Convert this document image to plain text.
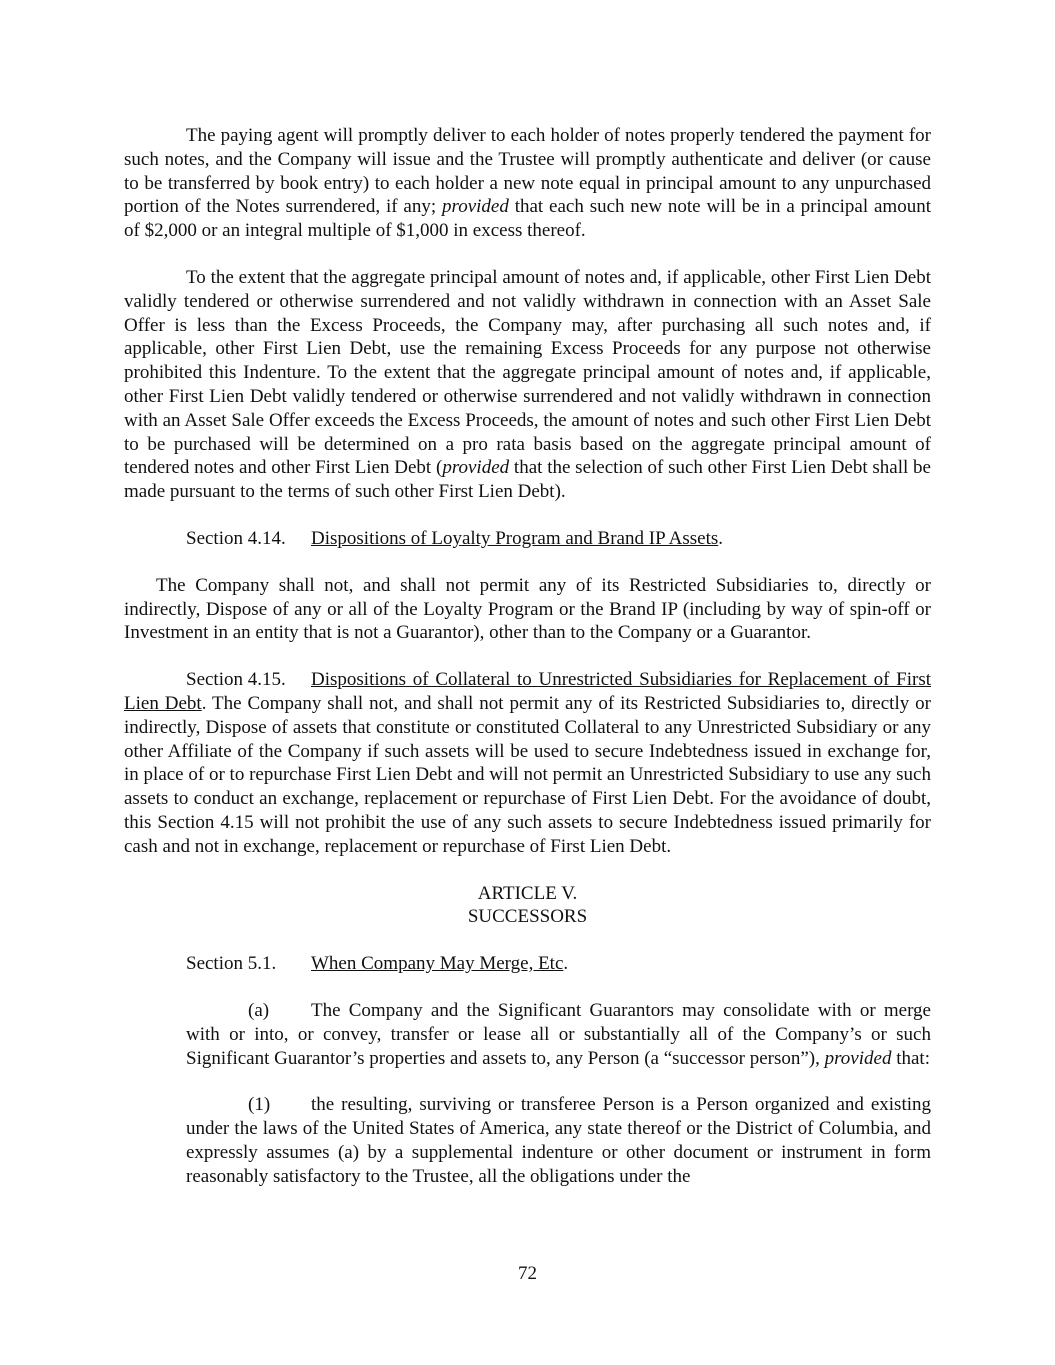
The paying agent will promptly deliver to each holder of notes properly tendered the payment for such notes, and the Company will issue and the Trustee will promptly authenticate and deliver (or cause to be transferred by book entry) to each holder a new note equal in principal amount to any unpurchased portion of the Notes surrendered, if any; provided that each such new note will be in a principal amount of $2,000 or an integral multiple of $1,000 in excess thereof.

To the extent that the aggregate principal amount of notes and, if applicable, other First Lien Debt validly tendered or otherwise surrendered and not validly withdrawn in connection with an Asset Sale Offer is less than the Excess Proceeds, the Company may, after purchasing all such notes and, if applicable, other First Lien Debt, use the remaining Excess Proceeds for any purpose not otherwise prohibited this Indenture. To the extent that the aggregate principal amount of notes and, if applicable, other First Lien Debt validly tendered or otherwise surrendered and not validly withdrawn in connection with an Asset Sale Offer exceeds the Excess Proceeds, the amount of notes and such other First Lien Debt to be purchased will be determined on a pro rata basis based on the aggregate principal amount of tendered notes and other First Lien Debt (provided that the selection of such other First Lien Debt shall be made pursuant to the terms of such other First Lien Debt).

Section 4.14. Dispositions of Loyalty Program and Brand IP Assets.

The Company shall not, and shall not permit any of its Restricted Subsidiaries to, directly or indirectly, Dispose of any or all of the Loyalty Program or the Brand IP (including by way of spin-off or Investment in an entity that is not a Guarantor), other than to the Company or a Guarantor.

Section 4.15. Dispositions of Collateral to Unrestricted Subsidiaries for Replacement of First Lien Debt. The Company shall not, and shall not permit any of its Restricted Subsidiaries to, directly or indirectly, Dispose of assets that constitute or constituted Collateral to any Unrestricted Subsidiary or any other Affiliate of the Company if such assets will be used to secure Indebtedness issued in exchange for, in place of or to repurchase First Lien Debt and will not permit an Unrestricted Subsidiary to use any such assets to conduct an exchange, replacement or repurchase of First Lien Debt. For the avoidance of doubt, this Section 4.15 will not prohibit the use of any such assets to secure Indebtedness issued primarily for cash and not in exchange, replacement or repurchase of First Lien Debt.

ARTICLE V.
SUCCESSORS

Section 5.1. When Company May Merge, Etc.

(a) The Company and the Significant Guarantors may consolidate with or merge with or into, or convey, transfer or lease all or substantially all of the Company’s or such Significant Guarantor’s properties and assets to, any Person (a “successor person”), provided that:

(1) the resulting, surviving or transferee Person is a Person organized and existing under the laws of the United States of America, any state thereof or the District of Columbia, and expressly assumes (a) by a supplemental indenture or other document or instrument in form reasonably satisfactory to the Trustee, all the obligations under the

72
